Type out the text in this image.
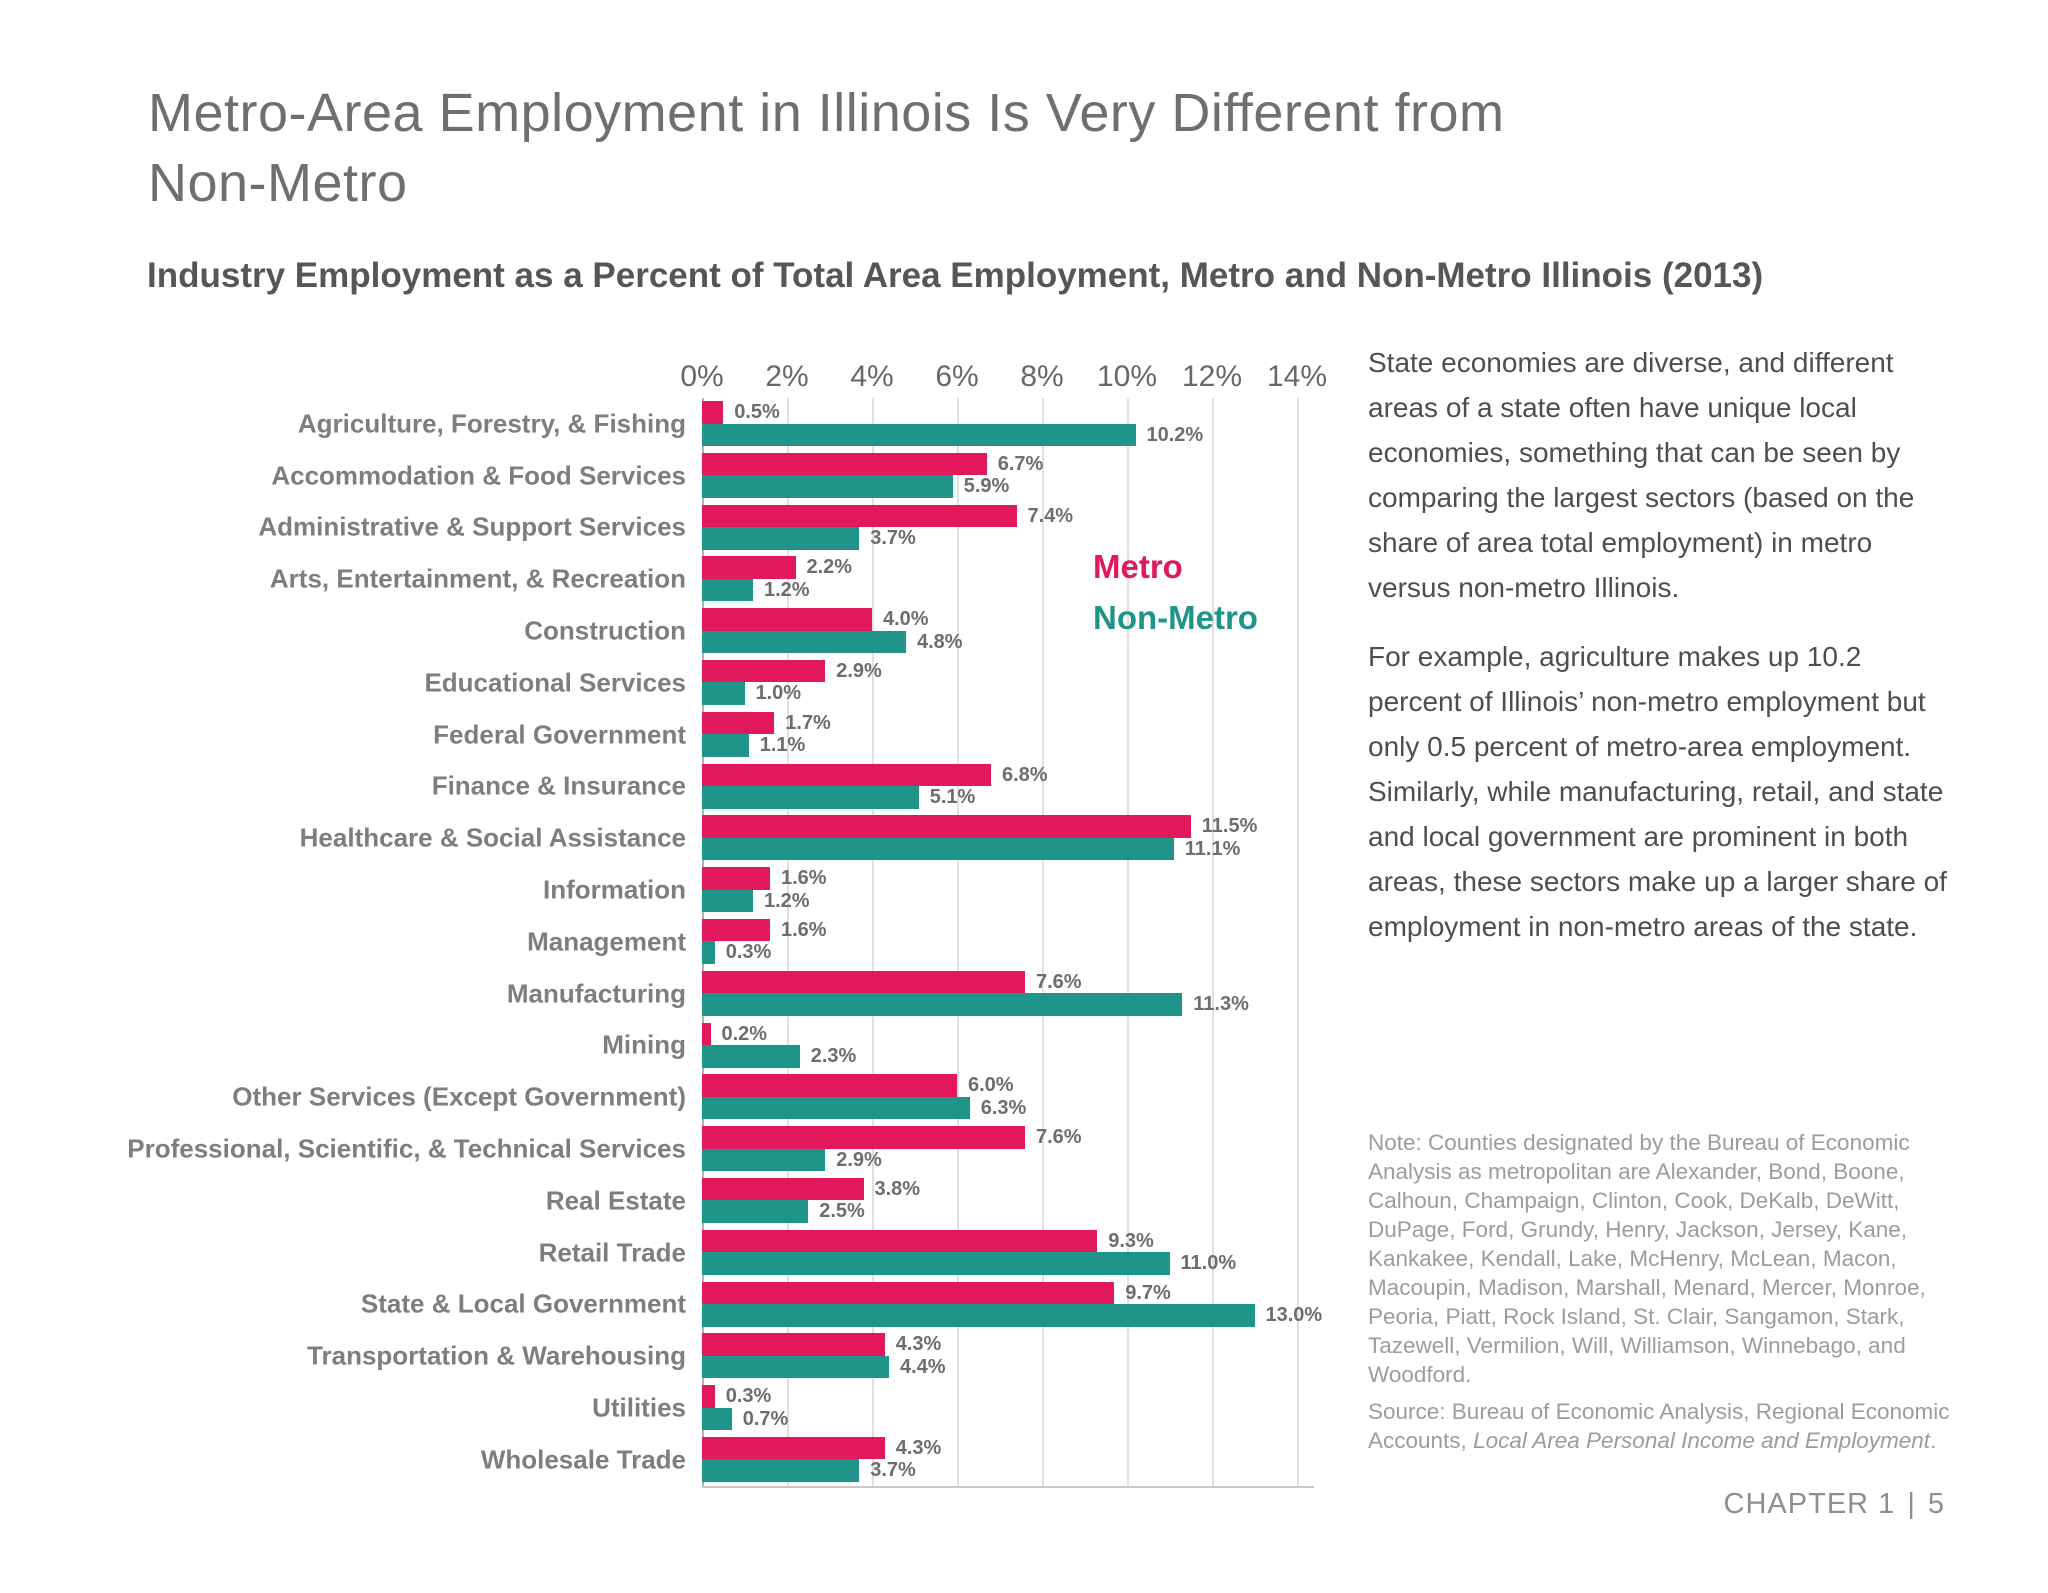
Metro-Area Employment in Illinois Is Very Different from
Non-Metro
Industry Employment as a Percent of Total Area Employment, Metro and Non-Metro Illinois (2013)
0% 2% 4% 6% 8% 10% 12% 14%
Agriculture, Forestry, & Fishing 0.5%
10.2%
Accommodation & Food Services	6.7%
5.9%
Administrative & Support Services	7.4%
3.7%
Arts, Entertainment, & Recreation	2.2%
1.2%
Construction	4.0%
4.8%
Educational Services	2.9%
1.0%
Federal Government	1.7%
1.1%
Finance & Insurance	6.8%
5.1%
Healthcare & Social Assistance	11.5%
11.1%
Information	1.6%
1.2%
Management	1.6%
0.3%
Manufacturing	7.6%
11.3%
Mining 0.2%
2.3%
Other Services (Except Government)	6.0%
6.3%
Professional, Scientific, & Technical Services	7.6%
2.9%
Real Estate	3.8%
2.5%
Retail Trade	9.3%
11.0%
State & Local Government	9.7%
13.0%
Transportation & Warehousing	4.3%
4.4%
Utilities 0.3%
0.7%
Wholesale Trade	4.3%
3.7%
Metro
Non-Metro
State economies are diverse, and different areas of a state often have unique local economies, something that can be seen by comparing the largest sectors (based on the share of area total employment) in metro versus non-metro Illinois.
For example, agriculture makes up 10.2 percent of Illinois’ non-metro employment but only 0.5 percent of metro-area employment. Similarly, while manufacturing, retail, and state and local government are prominent in both areas, these sectors make up a larger share of employment in non-metro areas of the state.
Note: Counties designated by the Bureau of Economic Analysis as metropolitan are Alexander, Bond, Boone, Calhoun, Champaign, Clinton, Cook, DeKalb, DeWitt, DuPage, Ford, Grundy, Henry, Jackson, Jersey, Kane, Kankakee, Kendall, Lake, McHenry, McLean, Macon, Macoupin, Madison, Marshall, Menard, Mercer, Monroe, Peoria, Piatt, Rock Island, St. Clair, Sangamon, Stark, Tazewell, Vermilion, Will, Williamson, Winnebago, and Woodford.
Source: Bureau of Economic Analysis, Regional Economic Accounts, Local Area Personal Income and Employment.
CHAPTER 1 | 5
